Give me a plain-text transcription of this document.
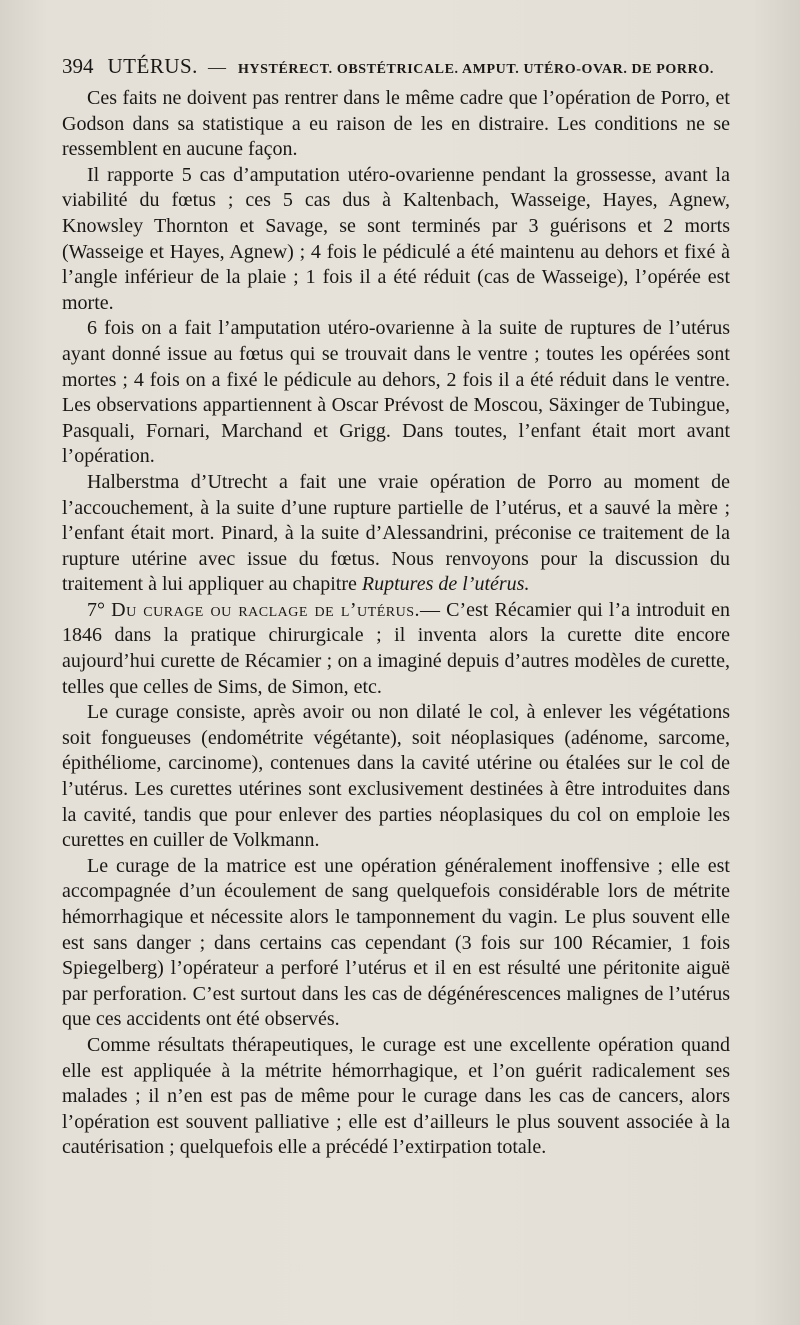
394 UTÉRUS. — HYSTÉRECT. OBSTÉTRICALE. AMPUT. UTÉRO-OVAR. DE PORRO.

Ces faits ne doivent pas rentrer dans le même cadre que l’opération de Porro, et Godson dans sa statistique a eu raison de les en distraire. Les conditions ne se ressemblent en aucune façon.

Il rapporte 5 cas d’amputation utéro-ovarienne pendant la grossesse, avant la viabilité du fœtus ; ces 5 cas dus à Kaltenbach, Wasseige, Hayes, Agnew, Knowsley Thornton et Savage, se sont terminés par 3 guérisons et 2 morts (Wasseige et Hayes, Agnew) ; 4 fois le pédiculé a été maintenu au dehors et fixé à l’angle inférieur de la plaie ; 1 fois il a été réduit (cas de Wasseige), l’opérée est morte.

6 fois on a fait l’amputation utéro-ovarienne à la suite de ruptures de l’utérus ayant donné issue au fœtus qui se trouvait dans le ventre ; toutes les opérées sont mortes ; 4 fois on a fixé le pédicule au dehors, 2 fois il a été réduit dans le ventre. Les observations appartiennent à Oscar Prévost de Moscou, Säxinger de Tubingue, Pasquali, Fornari, Marchand et Grigg. Dans toutes, l’enfant était mort avant l’opération.

Halberstma d’Utrecht a fait une vraie opération de Porro au moment de l’accouchement, à la suite d’une rupture partielle de l’utérus, et a sauvé la mère ; l’enfant était mort. Pinard, à la suite d’Alessandrini, préconise ce traitement de la rupture utérine avec issue du fœtus. Nous renvoyons pour la discussion du traitement à lui appliquer au chapitre Ruptures de l’utérus.

7° Du curage ou raclage de l’utérus.— C’est Récamier qui l’a introduit en 1846 dans la pratique chirurgicale ; il inventa alors la curette dite encore aujourd’hui curette de Récamier ; on a imaginé depuis d’autres modèles de curette, telles que celles de Sims, de Simon, etc.

Le curage consiste, après avoir ou non dilaté le col, à enlever les végétations soit fongueuses (endométrite végétante), soit néoplasiques (adénome, sarcome, épithéliome, carcinome), contenues dans la cavité utérine ou étalées sur le col de l’utérus. Les curettes utérines sont exclusivement destinées à être introduites dans la cavité, tandis que pour enlever des parties néoplasiques du col on emploie les curettes en cuiller de Volkmann.

Le curage de la matrice est une opération généralement inoffensive ; elle est accompagnée d’un écoulement de sang quelquefois considérable lors de métrite hémorrhagique et nécessite alors le tamponnement du vagin. Le plus souvent elle est sans danger ; dans certains cas cependant (3 fois sur 100 Récamier, 1 fois Spiegelberg) l’opérateur a perforé l’utérus et il en est résulté une péritonite aiguë par perforation. C’est surtout dans les cas de dégénérescences malignes de l’utérus que ces accidents ont été observés.

Comme résultats thérapeutiques, le curage est une excellente opération quand elle est appliquée à la métrite hémorrhagique, et l’on guérit radicalement ses malades ; il n’en est pas de même pour le curage dans les cas de cancers, alors l’opération est souvent palliative ; elle est d’ailleurs le plus souvent associée à la cautérisation ; quelquefois elle a précédé l’extirpation totale.
